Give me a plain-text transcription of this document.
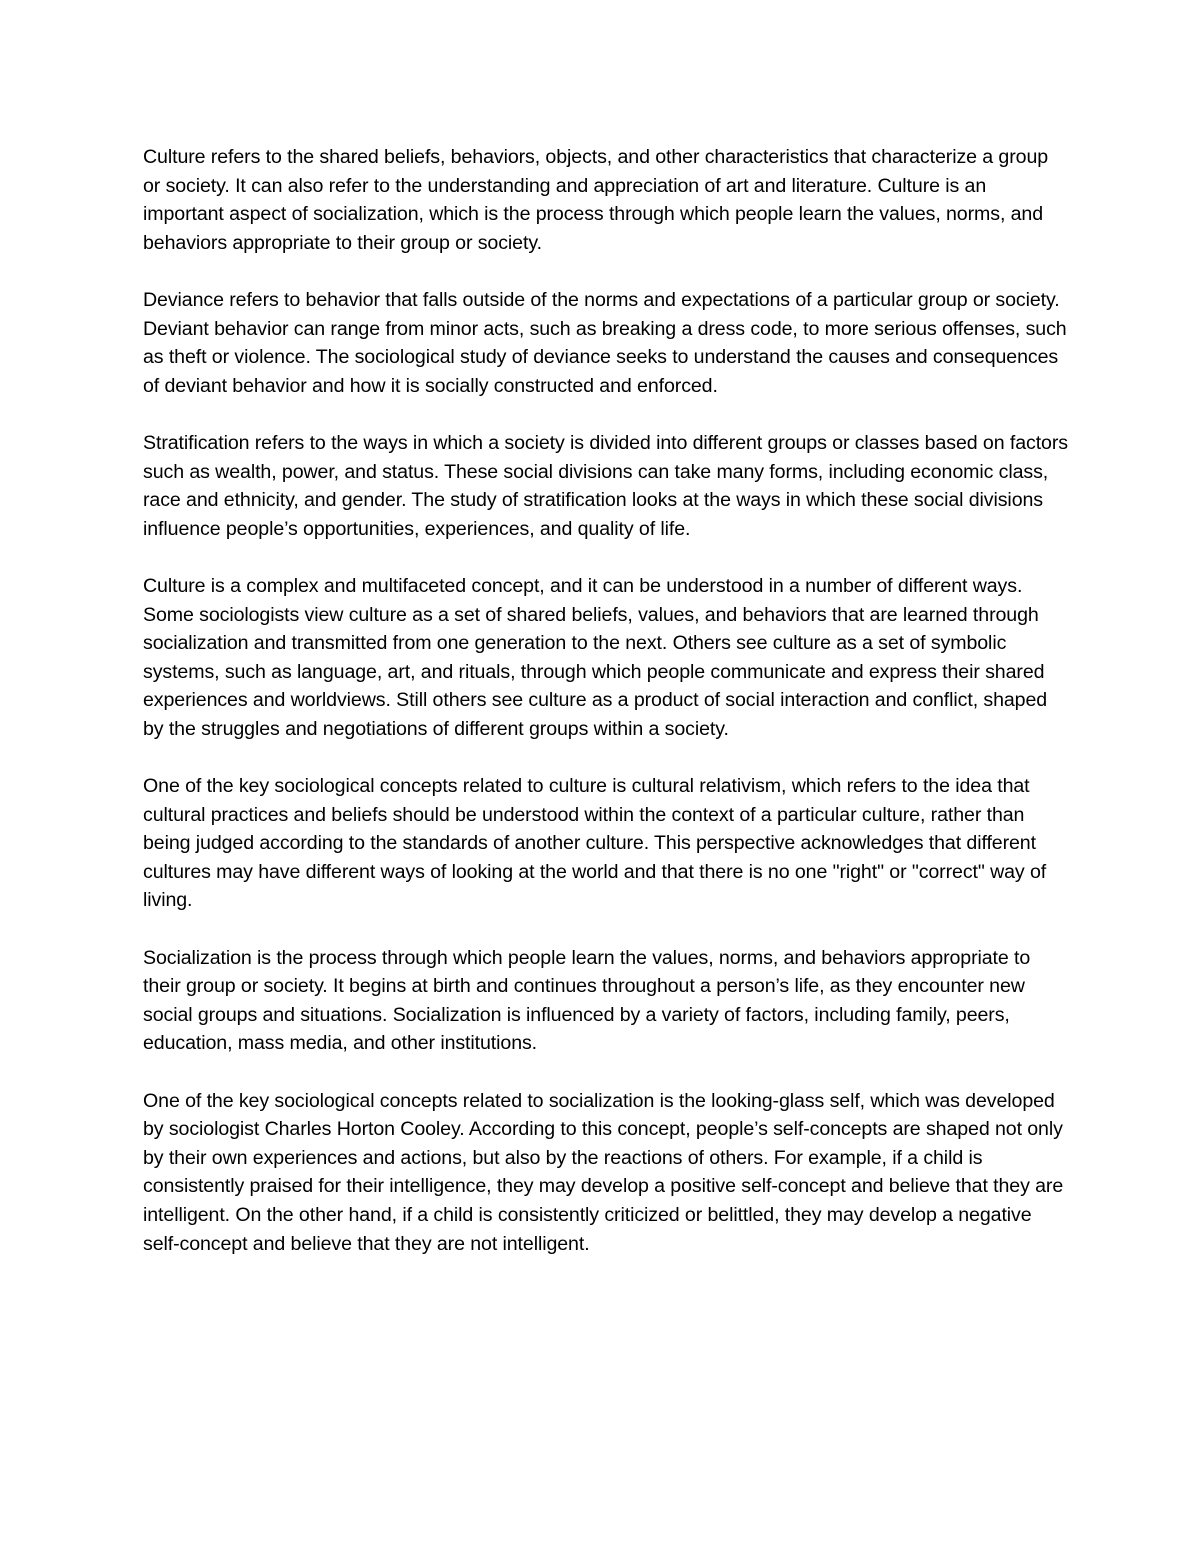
Culture refers to the shared beliefs, behaviors, objects, and other characteristics that characterize a group or society. It can also refer to the understanding and appreciation of art and literature. Culture is an important aspect of socialization, which is the process through which people learn the values, norms, and behaviors appropriate to their group or society.

Deviance refers to behavior that falls outside of the norms and expectations of a particular group or society. Deviant behavior can range from minor acts, such as breaking a dress code, to more serious offenses, such as theft or violence. The sociological study of deviance seeks to understand the causes and consequences of deviant behavior and how it is socially constructed and enforced.

Stratification refers to the ways in which a society is divided into different groups or classes based on factors such as wealth, power, and status. These social divisions can take many forms, including economic class, race and ethnicity, and gender. The study of stratification looks at the ways in which these social divisions influence people’s opportunities, experiences, and quality of life.

Culture is a complex and multifaceted concept, and it can be understood in a number of different ways. Some sociologists view culture as a set of shared beliefs, values, and behaviors that are learned through socialization and transmitted from one generation to the next. Others see culture as a set of symbolic systems, such as language, art, and rituals, through which people communicate and express their shared experiences and worldviews. Still others see culture as a product of social interaction and conflict, shaped by the struggles and negotiations of different groups within a society.

One of the key sociological concepts related to culture is cultural relativism, which refers to the idea that cultural practices and beliefs should be understood within the context of a particular culture, rather than being judged according to the standards of another culture. This perspective acknowledges that different cultures may have different ways of looking at the world and that there is no one "right" or "correct" way of living.

Socialization is the process through which people learn the values, norms, and behaviors appropriate to their group or society. It begins at birth and continues throughout a person’s life, as they encounter new social groups and situations. Socialization is influenced by a variety of factors, including family, peers, education, mass media, and other institutions.

One of the key sociological concepts related to socialization is the looking-glass self, which was developed by sociologist Charles Horton Cooley. According to this concept, people’s self-concepts are shaped not only by their own experiences and actions, but also by the reactions of others. For example, if a child is consistently praised for their intelligence, they may develop a positive self-concept and believe that they are intelligent. On the other hand, if a child is consistently criticized or belittled, they may develop a negative self-concept and believe that they are not intelligent.
